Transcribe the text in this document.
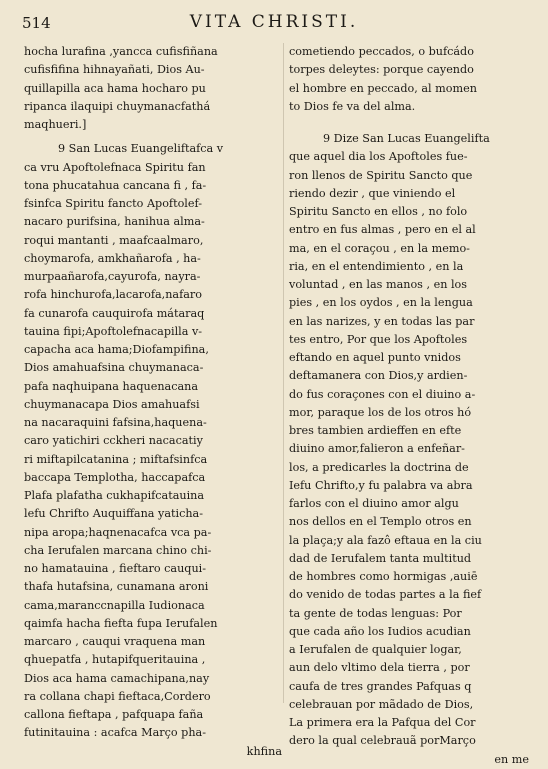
514	VITA CHRISTI.
hocha lurafina ,yancca cufisfiñana
cufisfifina hihnayañati, Dios Au-
quillapilla aca hama hocharo pu
ripanca ilaquipi chuymanacfathá
maqhueri.]
9 San Lucas Euangeliftafca v
ca vru Apoftolefnaca Spiritu fan
tona phucatahua cancana fi , fa-
fsinfca Spiritu fancto Apoftolef-
nacaro purifsina, hanihua alma-
roqui mantanti , maafcaalmaro,
choymarofa, amkhañarofa , ha-
murpaañarofa,cayurofa, nayra-
rofa hinchurofa,lacarofa,nafaro
fa cunarofa cauquirofa mátaraq
tauina fipi;Apoftolefnacapilla v-
capacha aca hama;Diofampifina,
Dios amahuafsina chuymanaca-
pafa naqhuipana haquenacana
chuymanacapa Dios amahuafsi
na nacaraquini fafsina,haquena-
caro yatichiri cckheri nacacatiy
ri miftapilcatanina ; miftafsinfca
baccapa Templotha, haccapafca
Plafa plafatha cukhapifcatauina
lefu Chrifto Auquiffana yaticha-
nipa aropa;haqnenacafca vca pa-
cha Ierufalen marcana chino chi-
no hamatauina , fieftaro cauqui-
thafa hutafsina, cunamana aroni
cama,maranccnapilla Iudionaca
qaimfa hacha fiefta fupa Ierufalen
marcaro , cauqui vraquena man
qhuepatfa , hutapifqueritauina ,
Dios aca hama camachipana,nay
ra collana chapi fieftaca,Cordero
callona fieftapa , pafquapa faña
futinitauina : acafca Março pha-
khfina
cometiendo peccados, o bufcádo
torpes deleytes: porque cayendo
el hombre en peccado, al momen
to Dios fe va del alma.
9 Dize San Lucas Euangelifta
que aquel dia los Apoftoles fue-
ron llenos de Spiritu Sancto que
riendo dezir , que viniendo el
Spiritu Sancto en ellos , no folo
entro en fus almas , pero en el al
ma, en el coraçou , en la memo-
ria, en el entendimiento , en la
voluntad , en las manos , en los
pies , en los oydos , en la lengua
en las narizes, y en todas las par
tes entro, Por que los Apoftoles
eftando en aquel punto vnidos
deftamanera con Dios,y ardien-
do fus coraçones con el diuino a-
mor, paraque los de los otros hó
bres tambien ardieffen en efte
diuino amor,falieron a enfeñar-
los, a predicarles la doctrina de
Iefu Chrifto,y fu palabra va abra
farlos con el diuino amor algu
nos dellos en el Templo otros en
la plaça;y ala fazô eftaua en la ciu
dad de Ierufalem tanta multitud
de hombres como hormigas ,auiē
do venido de todas partes a la fief
ta gente de todas lenguas: Por
que cada año los Iudios acudian
a Ierufalen de qualquier logar,
aun delo vltimo dela tierra , por
caufa de tres grandes Pafquas q
celebrauan por mãdado de Dios,
La primera era la Pafqua del Cor
dero la qual celebrauã porMarço
en me
